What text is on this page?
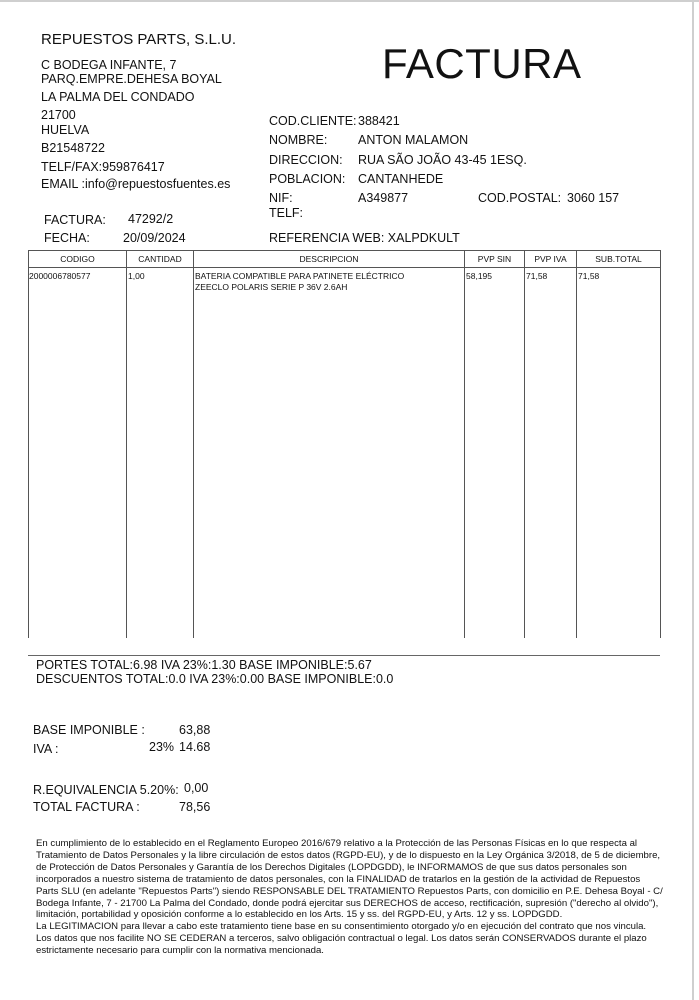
REPUESTOS PARTS, S.L.U.
C BODEGA INFANTE, 7
PARQ.EMPRE.DEHESA BOYAL
LA PALMA DEL CONDADO
21700
HUELVA
B21548722
TELF/FAX:959876417
EMAIL :info@repuestosfuentes.es
FACTURA
FACTURA: 47292/2
FECHA:	20/09/2024
COD.CLIENTE: 388421
NOMBRE: ANTON MALAMON
DIRECCION: RUA SÃO JOÃO 43-45 1ESQ.
POBLACION: CANTANHEDE
NIF:	A349877	COD.POSTAL: 3060 157
TELF:
REFERENCIA WEB: XALPDKULT
CODIGO	CANTIDAD	DESCRIPCION	PVP SIN	PVP IVA	SUB.TOTAL
2000006780577	1,00	BATERIA COMPATIBLE PARA PATINETE ELÉCTRICO
ZEECLO POLARIS SERIE P 36V 2.6AH	58,195	71,58	71,58
PORTES TOTAL:6.98 IVA 23%:1.30 BASE IMPONIBLE:5.67
DESCUENTOS TOTAL:0.0 IVA 23%:0.00 BASE IMPONIBLE:0.0
BASE IMPONIBLE :	63,88
IVA :	23% 14.68
R.EQUIVALENCIA 5.20%: 0,00
TOTAL FACTURA :	78,56

En cumplimiento de lo establecido en el Reglamento Europeo 2016/679 relativo a la Protección de las Personas Físicas en lo que respecta al Tratamiento de Datos Personales y la libre circulación de estos datos (RGPD-EU), y de lo dispuesto en la Ley Orgánica 3/2018, de 5 de diciembre, de Protección de Datos Personales y Garantía de los Derechos Digitales (LOPDGDD), le INFORMAMOS de que sus datos personales son incorporados a nuestro sistema de tratamiento de datos personales, con la FINALIDAD de tratarlos en la gestión de la actividad de Repuestos Parts SLU (en adelante "Repuestos Parts") siendo RESPONSABLE DEL TRATAMIENTO Repuestos Parts, con domicilio en P.E. Dehesa Boyal - C/ Bodega Infante, 7 - 21700 La Palma del Condado, donde podrá ejercitar sus DERECHOS de acceso, rectificación, supresión ("derecho al olvido"), limitación, portabilidad y oposición conforme a lo establecido en los Arts. 15 y ss. del RGPD-EU, y Arts. 12 y ss. LOPDGDD.

La LEGITIMACION para llevar a cabo este tratamiento tiene base en su consentimiento otorgado y/o en ejecución del contrato que nos vincula. Los datos que nos facilite NO SE CEDERAN a terceros, salvo obligación contractual o legal. Los datos serán CONSERVADOS durante el plazo estrictamente necesario para cumplir con la normativa mencionada.
